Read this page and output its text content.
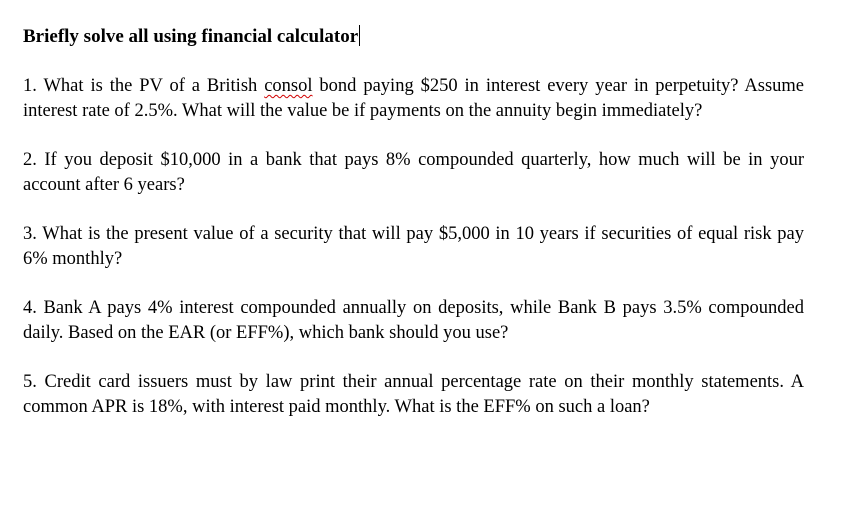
Briefly solve all using financial calculator

1. What is the PV of a British consol bond paying $250 in interest every year in perpetuity? Assume interest rate of 2.5%. What will the value be if payments on the annuity begin immediately?

2. If you deposit $10,000 in a bank that pays 8% compounded quarterly, how much will be in your account after 6 years?

3. What is the present value of a security that will pay $5,000 in 10 years if securities of equal risk pay 6% monthly?

4. Bank A pays 4% interest compounded annually on deposits, while Bank B pays 3.5% compounded daily. Based on the EAR (or EFF%), which bank should you use?

5. Credit card issuers must by law print their annual percentage rate on their monthly statements. A common APR is 18%, with interest paid monthly. What is the EFF% on such a loan?
